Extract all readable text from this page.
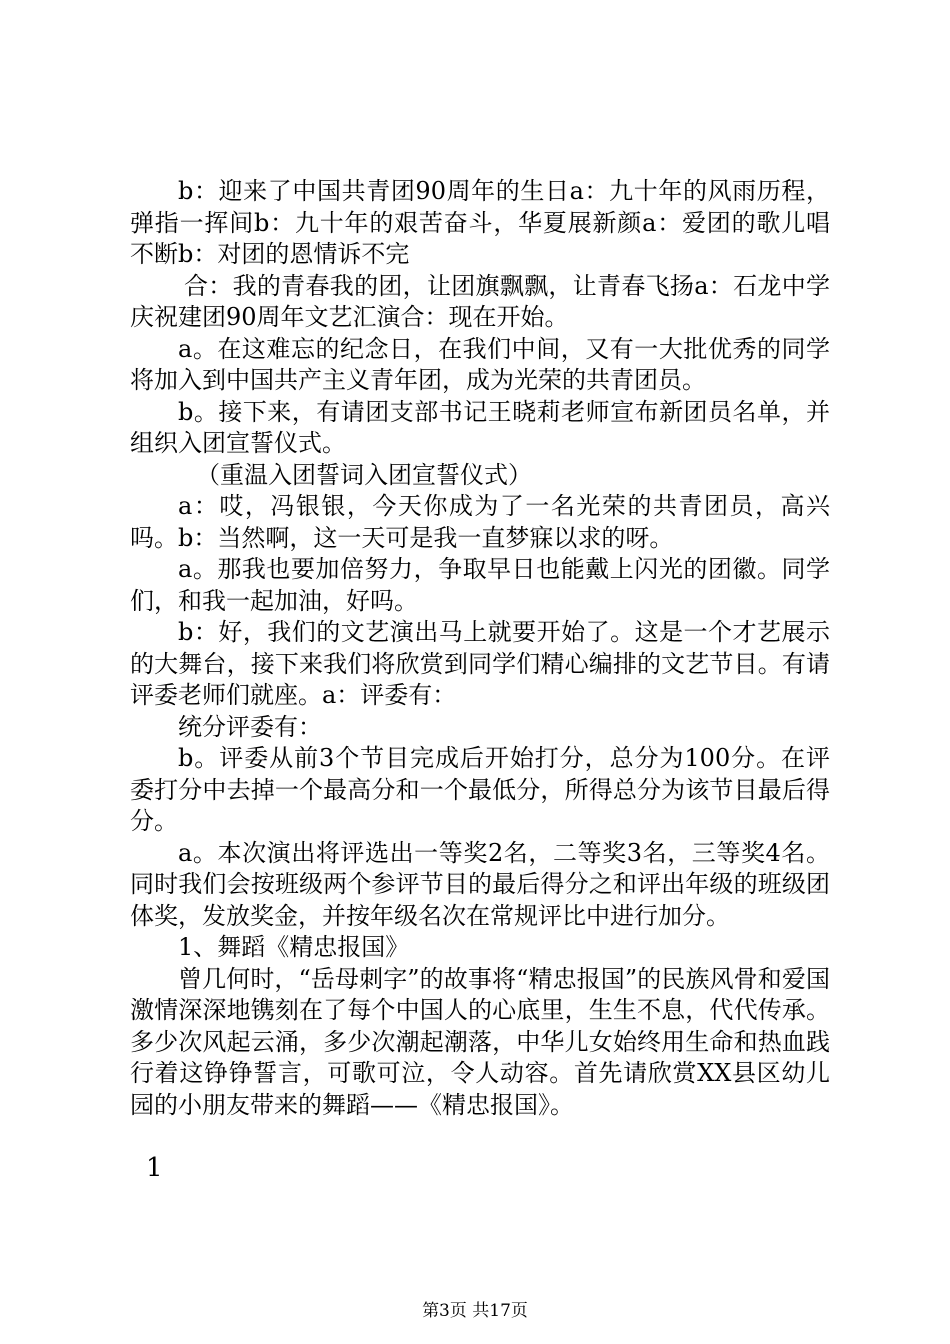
b：迎来了中国共青团90周年的生日a：九十年的风雨历程，弹指一挥间b：九十年的艰苦奋斗，华夏展新颜a：爱团的歌儿唱不断b：对团的恩情诉不完

合：我的青春我的团，让团旗飘飘，让青春飞扬a：石龙中学庆祝建团90周年文艺汇演合：现在开始。

a。在这难忘的纪念日，在我们中间，又有一大批优秀的同学将加入到中国共产主义青年团，成为光荣的共青团员。

b。接下来，有请团支部书记王晓莉老师宣布新团员名单，并组织入团宣誓仪式。

（重温入团誓词入团宣誓仪式）

a：哎，冯银银，今天你成为了一名光荣的共青团员，高兴吗。b：当然啊，这一天可是我一直梦寐以求的呀。

a。那我也要加倍努力，争取早日也能戴上闪光的团徽。同学们，和我一起加油，好吗。

b：好，我们的文艺演出马上就要开始了。这是一个才艺展示的大舞台，接下来我们将欣赏到同学们精心编排的文艺节目。有请评委老师们就座。a：评委有：

统分评委有：

b。评委从前3个节目完成后开始打分，总分为100分。在评委打分中去掉一个最高分和一个最低分，所得总分为该节目最后得分。

a。本次演出将评选出一等奖2名，二等奖3名，三等奖4名。同时我们会按班级两个参评节目的最后得分之和评出年级的班级团体奖，发放奖金，并按年级名次在常规评比中进行加分。

1、舞蹈《精忠报国》

曾几何时，“岳母刺字”的故事将“精忠报国”的民族风骨和爱国激情深深地镌刻在了每个中国人的心底里，生生不息，代代传承。多少次风起云涌，多少次潮起潮落，中华儿女始终用生命和热血践行着这铮铮誓言，可歌可泣，令人动容。首先请欣赏XX县区幼儿园的小朋友带来的舞蹈——《精忠报国》。

1
第3页 共17页
